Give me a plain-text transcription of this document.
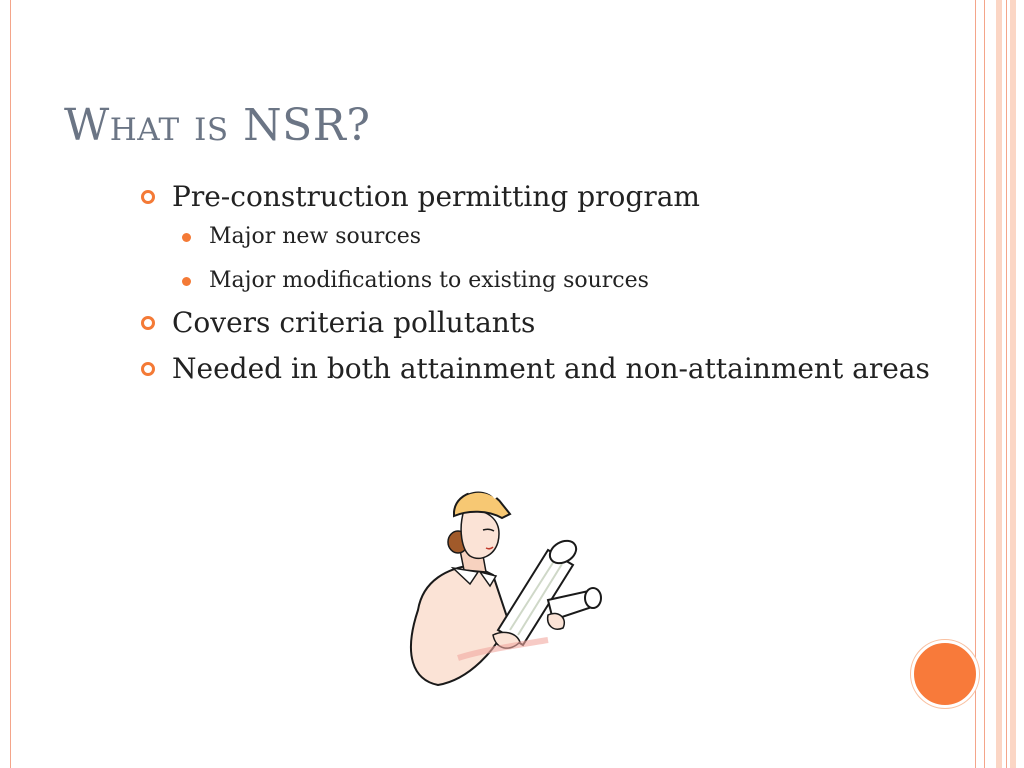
What is NSR?
Pre-construction permitting program
Major new sources
Major modifications to existing sources
Covers criteria pollutants
Needed in both attainment and non-attainment areas
